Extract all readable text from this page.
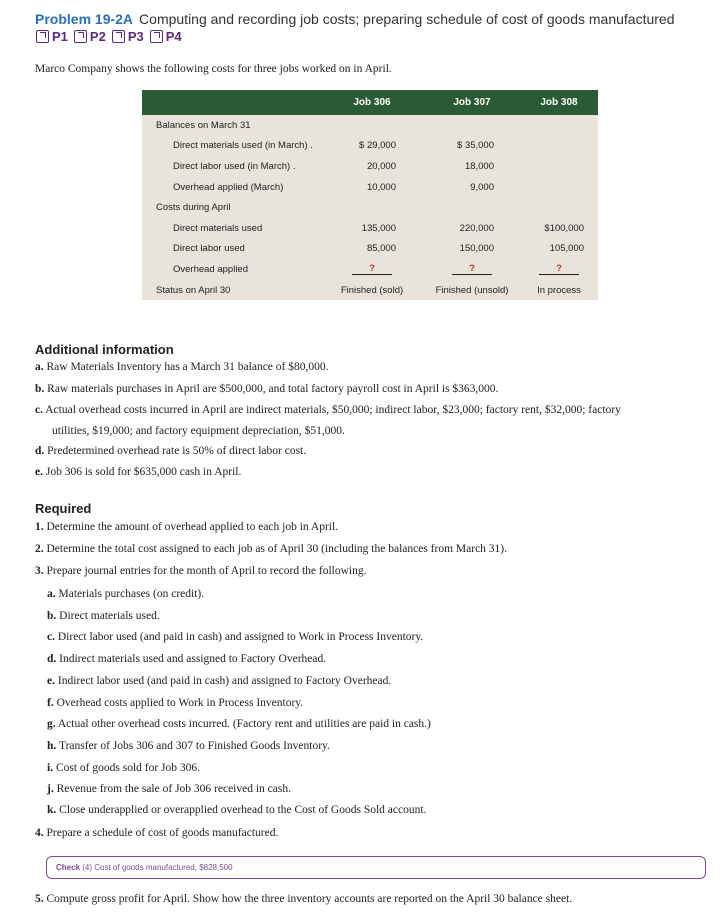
Problem 19-2A Computing and recording job costs; preparing schedule of cost of goods manufactured
P1 P2 P3 P4
Marco Company shows the following costs for three jobs worked on in April.
	Job 306	Job 307	Job 308
Balances on March 31			
Direct materials used (in March) .	$ 29,000	$ 35,000	
Direct labor used (in March) .	20,000	18,000	
Overhead applied (March)	10,000	9,000	
Costs during April			
Direct materials used	135,000	220,000	$100,000
Direct labor used	85,000	150,000	105,000
Overhead applied	?	?	?
Status on April 30	Finished (sold)	Finished (unsold)	In process
Additional information
a. Raw Materials Inventory has a March 31 balance of $80,000.
b. Raw materials purchases in April are $500,000, and total factory payroll cost in April is $363,000.
c. Actual overhead costs incurred in April are indirect materials, $50,000; indirect labor, $23,000; factory rent, $32,000; factory
utilities, $19,000; and factory equipment depreciation, $51,000.
d. Predetermined overhead rate is 50% of direct labor cost.
e. Job 306 is sold for $635,000 cash in April.
Required
1. Determine the amount of overhead applied to each job in April.
2. Determine the total cost assigned to each job as of April 30 (including the balances from March 31).
3. Prepare journal entries for the month of April to record the following.
a. Materials purchases (on credit).
b. Direct materials used.
c. Direct labor used (and paid in cash) and assigned to Work in Process Inventory.
d. Indirect materials used and assigned to Factory Overhead.
e. Indirect labor used (and paid in cash) and assigned to Factory Overhead.
f. Overhead costs applied to Work in Process Inventory.
g. Actual other overhead costs incurred. (Factory rent and utilities are paid in cash.)
h. Transfer of Jobs 306 and 307 to Finished Goods Inventory.
i. Cost of goods sold for Job 306.
j. Revenue from the sale of Job 306 received in cash.
k. Close underapplied or overapplied overhead to the Cost of Goods Sold account.
4. Prepare a schedule of cost of goods manufactured.
Check (4) Cost of goods manufactured, $828,500
5. Compute gross profit for April. Show how the three inventory accounts are reported on the April 30 balance sheet.
